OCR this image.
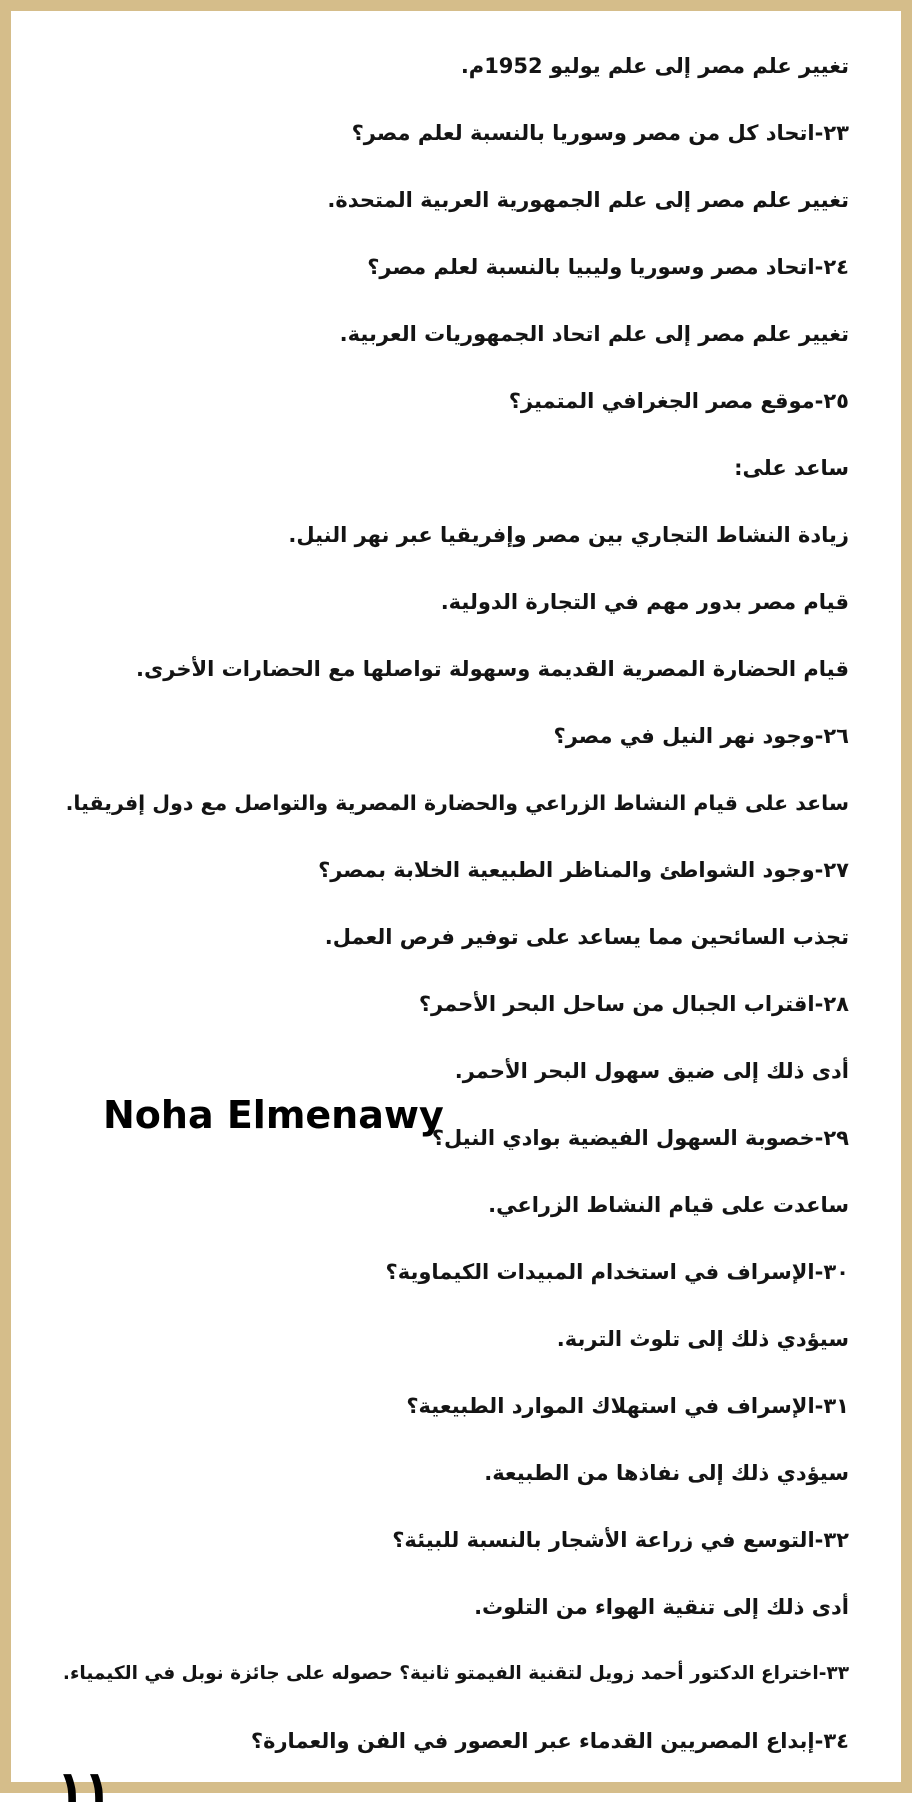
تغيير علم مصر إلى علم يوليو 1952م.
٢٣-اتحاد كل من مصر وسوريا بالنسبة لعلم مصر؟
تغيير علم مصر إلى علم الجمهورية العربية المتحدة.
٢٤-اتحاد مصر وسوريا وليبيا بالنسبة لعلم مصر؟
تغيير علم مصر إلى علم اتحاد الجمهوريات العربية.
٢٥-موقع مصر الجغرافي المتميز؟
ساعد على:
زيادة النشاط التجاري بين مصر وإفريقيا عبر نهر النيل.
قيام مصر بدور مهم في التجارة الدولية.
قيام الحضارة المصرية القديمة وسهولة تواصلها مع الحضارات الأخرى.
٢٦-وجود نهر النيل في مصر؟
ساعد على قيام النشاط الزراعي والحضارة المصرية والتواصل مع دول إفريقيا.
٢٧-وجود الشواطئ والمناظر الطبيعية الخلابة بمصر؟
تجذب السائحين مما يساعد على توفير فرص العمل.
٢٨-اقتراب الجبال من ساحل البحر الأحمر؟
أدى ذلك إلى ضيق سهول البحر الأحمر.
٢٩-خصوبة السهول الفيضية بوادي النيل؟
ساعدت على قيام النشاط الزراعي.
٣٠-الإسراف في استخدام المبيدات الكيماوية؟
سيؤدي ذلك إلى تلوث التربة.
٣١-الإسراف في استهلاك الموارد الطبيعية؟
سيؤدي ذلك إلى نفاذها من الطبيعة.
٣٢-التوسع في زراعة الأشجار بالنسبة للبيئة؟
أدى ذلك إلى تنقية الهواء من التلوث.
٣٣-اختراع الدكتور أحمد زويل لتقنية الفيمتو ثانية؟ حصوله على جائزة نوبل في الكيمياء.
٣٤-إبداع المصريين القدماء عبر العصور في الفن والعمارة؟
Noha Elmenawy
١١
